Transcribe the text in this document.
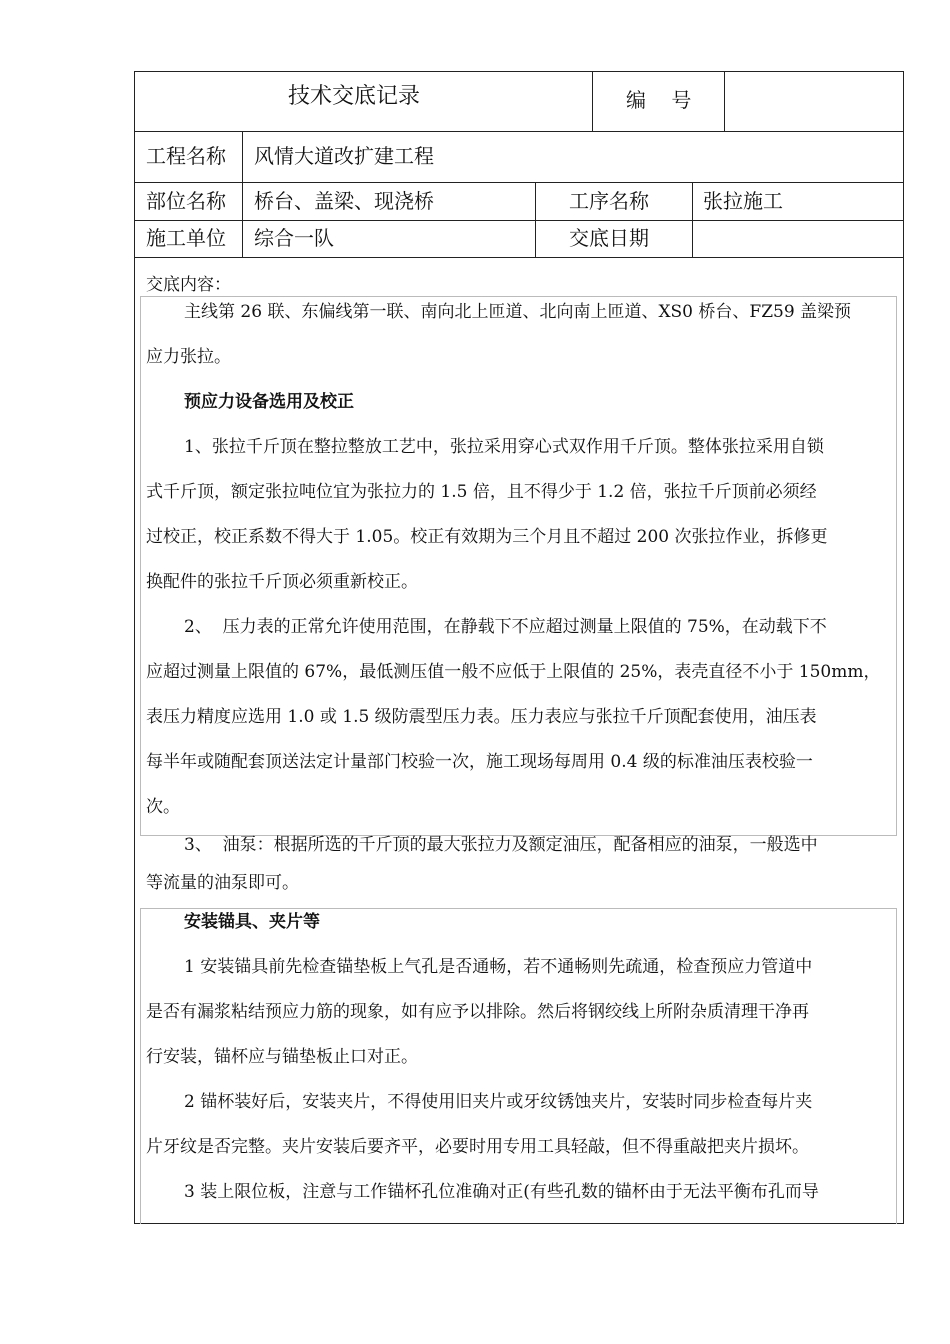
技术交底记录	编    号
工程名称 风情大道改扩建工程
部位名称 桥台、盖梁、现浇桥	工序名称	张拉施工
施工单位 综合一队	交底日期
交底内容：

主线第 26 联、东偏线第一联、南向北上匝道、北向南上匝道、XS0 桥台、FZ59 盖梁预

应力张拉。

预应力设备选用及校正

1、张拉千斤顶在整拉整放工艺中，张拉采用穿心式双作用千斤顶。整体张拉采用自锁

式千斤顶，额定张拉吨位宜为张拉力的 1.5 倍，且不得少于 1.2 倍，张拉千斤顶前必须经

过校正，校正系数不得大于 1.05。校正有效期为三个月且不超过 200 次张拉作业，拆修更

换配件的张拉千斤顶必须重新校正。

2、  压力表的正常允许使用范围，在静载下不应超过测量上限值的 75%，在动载下不

应超过测量上限值的 67%，最低测压值一般不应低于上限值的 25%，表壳直径不小于 150mm，

表压力精度应选用 1.0 或 1.5 级防震型压力表。压力表应与张拉千斤顶配套使用，油压表

每半年或随配套顶送法定计量部门校验一次，施工现场每周用 0.4 级的标准油压表校验一

次。

3、  油泵：根据所选的千斤顶的最大张拉力及额定油压，配备相应的油泵，一般选中

等流量的油泵即可。

安装锚具、夹片等

1 安装锚具前先检查锚垫板上气孔是否通畅，若不通畅则先疏通，检查预应力管道中

是否有漏浆粘结预应力筋的现象，如有应予以排除。然后将钢绞线上所附杂质清理干净再

行安装，锚杯应与锚垫板止口对正。

2 锚杯装好后，安装夹片，不得使用旧夹片或牙纹锈蚀夹片，安装时同步检查每片夹

片牙纹是否完整。夹片安装后要齐平，必要时用专用工具轻敲，但不得重敲把夹片损坏。

3 装上限位板，注意与工作锚杯孔位准确对正(有些孔数的锚杯由于无法平衡布孔而导
